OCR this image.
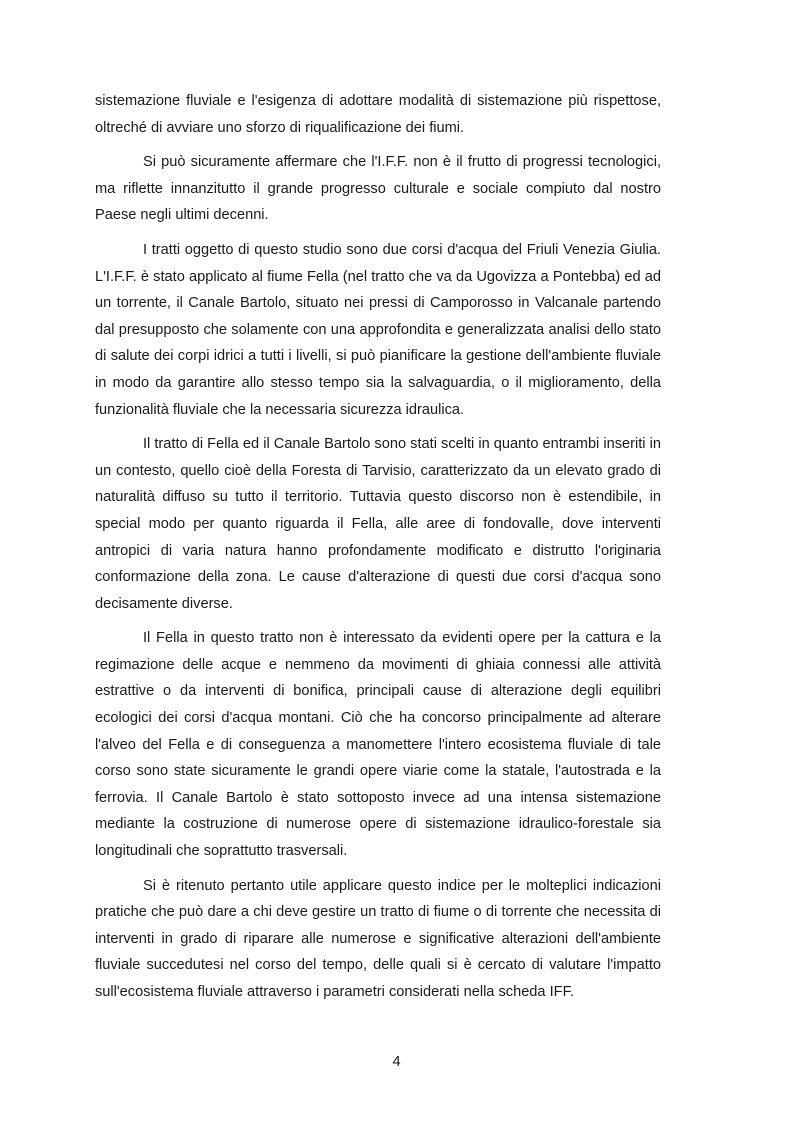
sistemazione fluviale e l'esigenza di adottare modalità di sistemazione più rispettose, oltreché di avviare uno sforzo di riqualificazione dei fiumi.

Si può sicuramente affermare che l'I.F.F. non è il frutto di progressi tecnologici, ma riflette innanzitutto il grande progresso culturale e sociale compiuto dal nostro Paese negli ultimi decenni.

I tratti oggetto di questo studio sono due corsi d'acqua del Friuli Venezia Giulia. L'I.F.F. è stato applicato al fiume Fella (nel tratto che va da Ugovizza a Pontebba) ed ad un torrente, il Canale Bartolo, situato nei pressi di Camporosso in Valcanale partendo dal presupposto che solamente con una approfondita e generalizzata analisi dello stato di salute dei corpi idrici a tutti i livelli, si può pianificare la gestione dell'ambiente fluviale in modo da garantire allo stesso tempo sia la salvaguardia, o il miglioramento, della funzionalità fluviale che la necessaria sicurezza idraulica.

Il tratto di Fella ed il Canale Bartolo sono stati scelti in quanto entrambi inseriti in un contesto, quello cioè della Foresta di Tarvisio, caratterizzato da un elevato grado di naturalità diffuso su tutto il territorio. Tuttavia questo discorso non è estendibile, in special modo per quanto riguarda il Fella, alle aree di fondovalle, dove interventi antropici di varia natura hanno profondamente modificato e distrutto l'originaria conformazione della zona. Le cause d'alterazione di questi due corsi d'acqua sono decisamente diverse.

Il Fella in questo tratto non è interessato da evidenti opere per la cattura e la regimazione delle acque e nemmeno da movimenti di ghiaia connessi alle attività estrattive o da interventi di bonifica, principali cause di alterazione degli equilibri ecologici dei corsi d'acqua montani. Ciò che ha concorso principalmente ad alterare l'alveo del Fella e di conseguenza a manomettere l'intero ecosistema fluviale di tale corso sono state sicuramente le grandi opere viarie come la statale, l'autostrada e la ferrovia. Il Canale Bartolo è stato sottoposto invece ad una intensa sistemazione mediante la costruzione di numerose opere di sistemazione idraulico-forestale sia longitudinali che soprattutto trasversali.

Si è ritenuto pertanto utile applicare questo indice per le molteplici indicazioni pratiche che può dare a chi deve gestire un tratto di fiume o di torrente che necessita di interventi in grado di riparare alle numerose e significative alterazioni dell'ambiente fluviale succedutesi nel corso del tempo, delle quali si è cercato di valutare l'impatto sull'ecosistema fluviale attraverso i parametri considerati nella scheda IFF.

4
